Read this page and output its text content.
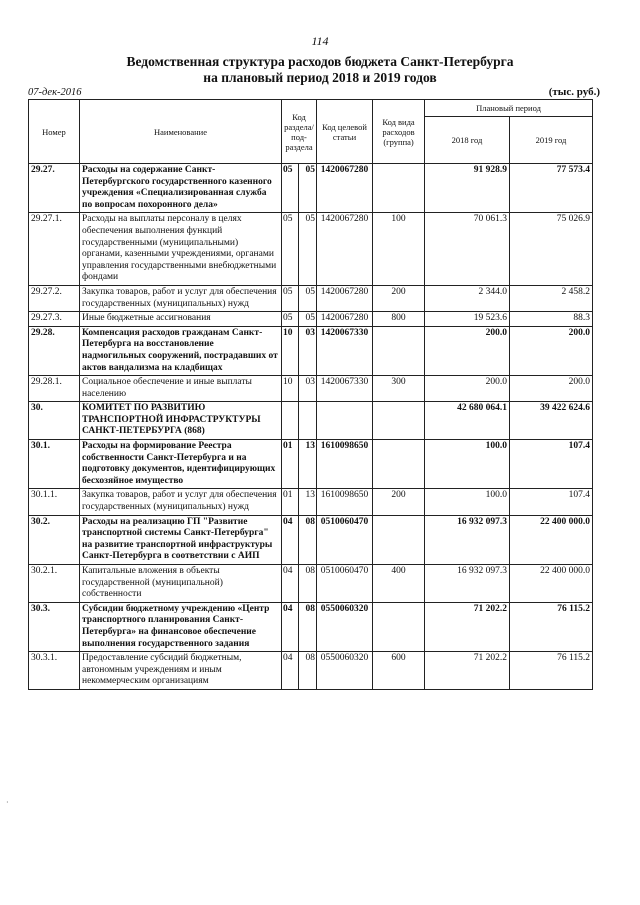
114
Ведомственная структура расходов бюджета Санкт-Петербурга
на плановый период 2018 и 2019 годов
07-дек-2016	(тыс. руб.)
Номер	Наименование	Код раздела/ под- раздела		Код целевой статьи	Код вида расходов (группа)	Плановый период	
						2018 год	2019 год
29.27.	Расходы на содержание Санкт-Петербургского государственного казенного учреждения «Специализированная служба по вопросам похоронного дела»	05	05	1420067280		91 928.9	77 573.4
29.27.1.	Расходы на выплаты персоналу в целях обеспечения выполнения функций государственными (муниципальными) органами, казенными учреждениями, органами управления государственными внебюджетными фондами	05	05	1420067280	100	70 061.3	75 026.9
29.27.2.	Закупка товаров, работ и услуг для обеспечения государственных (муниципальных) нужд	05	05	1420067280	200	2 344.0	2 458.2
29.27.3.	Иные бюджетные ассигнования	05	05	1420067280	800	19 523.6	88.3
29.28.	Компенсация расходов гражданам Санкт-Петербурга на восстановление надмогильных сооружений, пострадавших от актов вандализма на кладбищах	10	03	1420067330		200.0	200.0
29.28.1.	Социальное обеспечение и иные выплаты населению	10	03	1420067330	300	200.0	200.0
30.	КОМИТЕТ ПО РАЗВИТИЮ ТРАНСПОРТНОЙ ИНФРАСТРУКТУРЫ САНКТ-ПЕТЕРБУРГА (868)					42 680 064.1	39 422 624.6
30.1.	Расходы на формирование Реестра собственности Санкт-Петербурга и на подготовку документов, идентифицирующих бесхозяйное имущество	01	13	1610098650		100.0	107.4
30.1.1.	Закупка товаров, работ и услуг для обеспечения государственных (муниципальных) нужд	01	13	1610098650	200	100.0	107.4
30.2.	Расходы на реализацию ГП "Развитие транспортной системы Санкт-Петербурга" на развитие транспортной инфраструктуры Санкт-Петербурга в соответствии с АИП	04	08	0510060470		16 932 097.3	22 400 000.0
30.2.1.	Капитальные вложения в объекты государственной (муниципальной) собственности	04	08	0510060470	400	16 932 097.3	22 400 000.0
30.3.	Субсидии бюджетному учреждению «Центр транспортного планирования Санкт-Петербурга» на финансовое обеспечение выполнения государственного задания	04	08	0550060320		71 202.2	76 115.2
30.3.1.	Предоставление субсидий бюджетным, автономным учреждениям и иным некоммерческим организациям	04	08	0550060320	600	71 202.2	76 115.2
·
